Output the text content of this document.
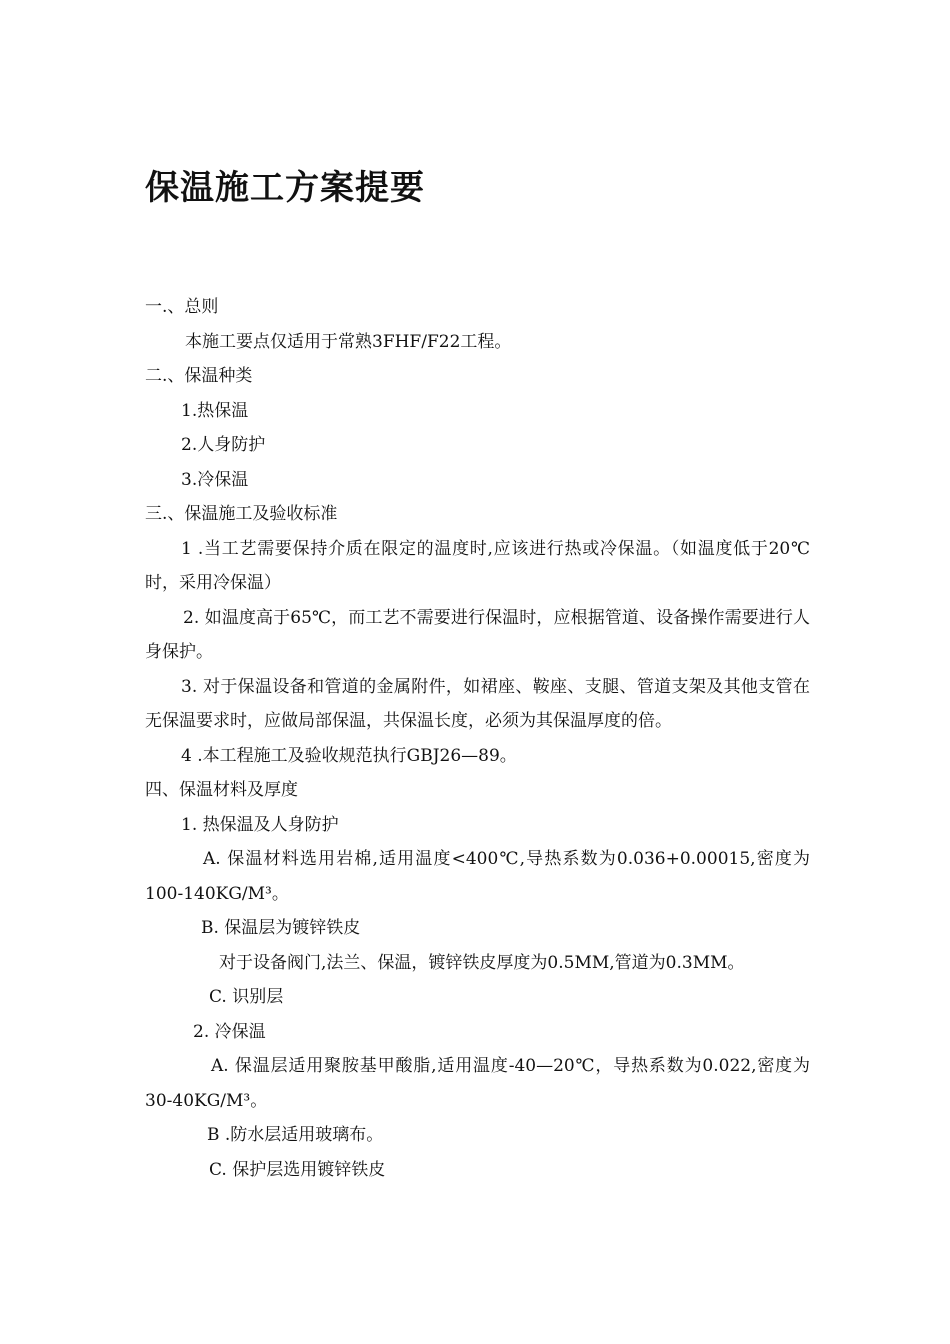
保温施工方案提要
一.、总则
本施工要点仅适用于常熟3FHF/F22工程。
二.、保温种类
1.热保温
2.人身防护
3.冷保温
三.、保温施工及验收标准
1 .当工艺需要保持介质在限定的温度时,应该进行热或冷保温。（如温度低于20℃时，采用冷保温）
2. 如温度高于65℃，而工艺不需要进行保温时，应根据管道、设备操作需要进行人身保护。
3. 对于保温设备和管道的金属附件，如裙座、鞍座、支腿、管道支架及其他支管在无保温要求时，应做局部保温，共保温长度，必须为其保温厚度的倍。
4 .本工程施工及验收规范执行GBJ26—89。
四、保温材料及厚度
1. 热保温及人身防护
A. 保温材料选用岩棉,适用温度<400℃,导热系数为0.036+0.00015,密度为100-140KG/M³。
B. 保温层为镀锌铁皮
对于设备阀门,法兰、保温，镀锌铁皮厚度为0.5MM,管道为0.3MM。
C. 识别层
2. 冷保温
A. 保温层适用聚胺基甲酸脂,适用温度-40—20℃，导热系数为0.022,密度为30-40KG/M³。
B .防水层适用玻璃布。
C. 保护层选用镀锌铁皮
